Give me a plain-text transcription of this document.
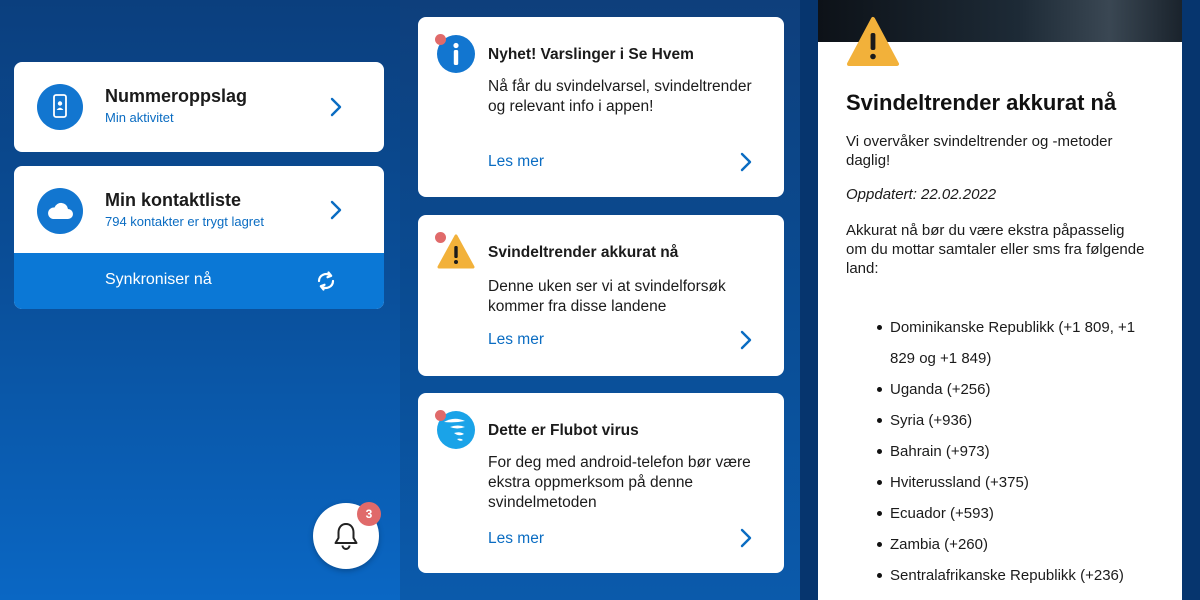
Nummeroppslag
Min aktivitet
Min kontaktliste
794 kontakter er trygt lagret
Synkroniser nå
3
Nyhet! Varslinger i Se Hvem
Nå får du svindelvarsel, svindeltrender og relevant info i appen!
Les mer
Svindeltrender akkurat nå
Denne uken ser vi at svindelforsøk kommer fra disse landene
Les mer
Dette er Flubot virus
For deg med android-telefon bør være ekstra oppmerksom på denne svindelmetoden
Les mer
Svindeltrender akkurat nå
Vi overvåker svindeltrender og -metoder daglig!
Oppdatert: 22.02.2022
Akkurat nå bør du være ekstra påpasselig om du mottar samtaler eller sms fra følgende land:
Dominikanske Republikk (+1 809, +1 829 og +1 849)
Uganda (+256)
Syria (+936)
Bahrain (+973)
Hviterussland (+375)
Ecuador (+593)
Zambia (+260)
Sentralafrikanske Republikk (+236)
